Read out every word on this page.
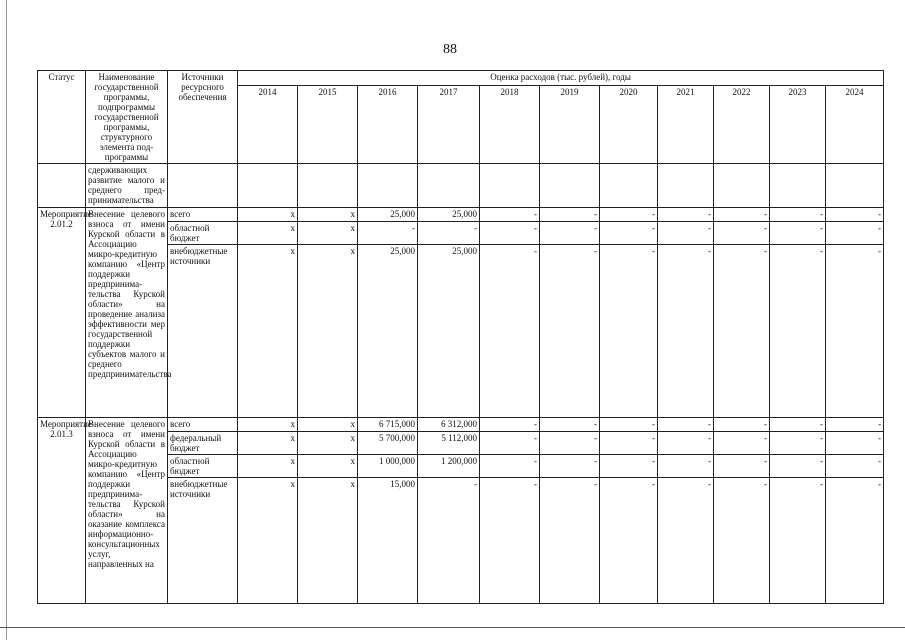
88
Статус	Наименование государственной программы, подпрограммы государственной программы, структурного элемента под-программы	Источники ресурсного обеспечения	Оценка расходов (тыс. рублей), годы										
			2014	2015	2016	2017	2018	2019	2020	2021	2022	2023	2024
	сдерживающих развитие малого и среднего пред-принимательства												
Мероприятие 2.01.2	Внесение целевого взноса от имени Курской области в Ассоциацию микро-кредитную компанию «Центр поддержки предпринима-тельства Курской области» на проведение анализа эффективности мер государственной поддержки субъектов малого и среднего предпринимательства	всего	x	x	25,000	25,000	-	-	-	-	-	-	-
		областной бюджет	x	x	-	-	-	-	-	-	-	-	-
		внебюджетные источники	x	x	25,000	25,000	-	-	-	-	-	-	-
Мероприятие 2.01.3	Внесение целевого взноса от имени Курской области в Ассоциацию микро-кредитную компанию «Центр поддержки предпринима-тельства Курской области» на оказание комплекса информационно-консультационных услуг, направленных на	всего	x	x	6 715,000	6 312,000	-	-	-	-	-	-	-
		федеральный бюджет	x	x	5 700,000	5 112,000	-	-	-	-	-	-	-
		областной бюджет	x	x	1 000,000	1 200,000	-	-	-	-	-	-	-
		внебюджетные источники	x	x	15,000	-	-	-	-	-	-	-	-
